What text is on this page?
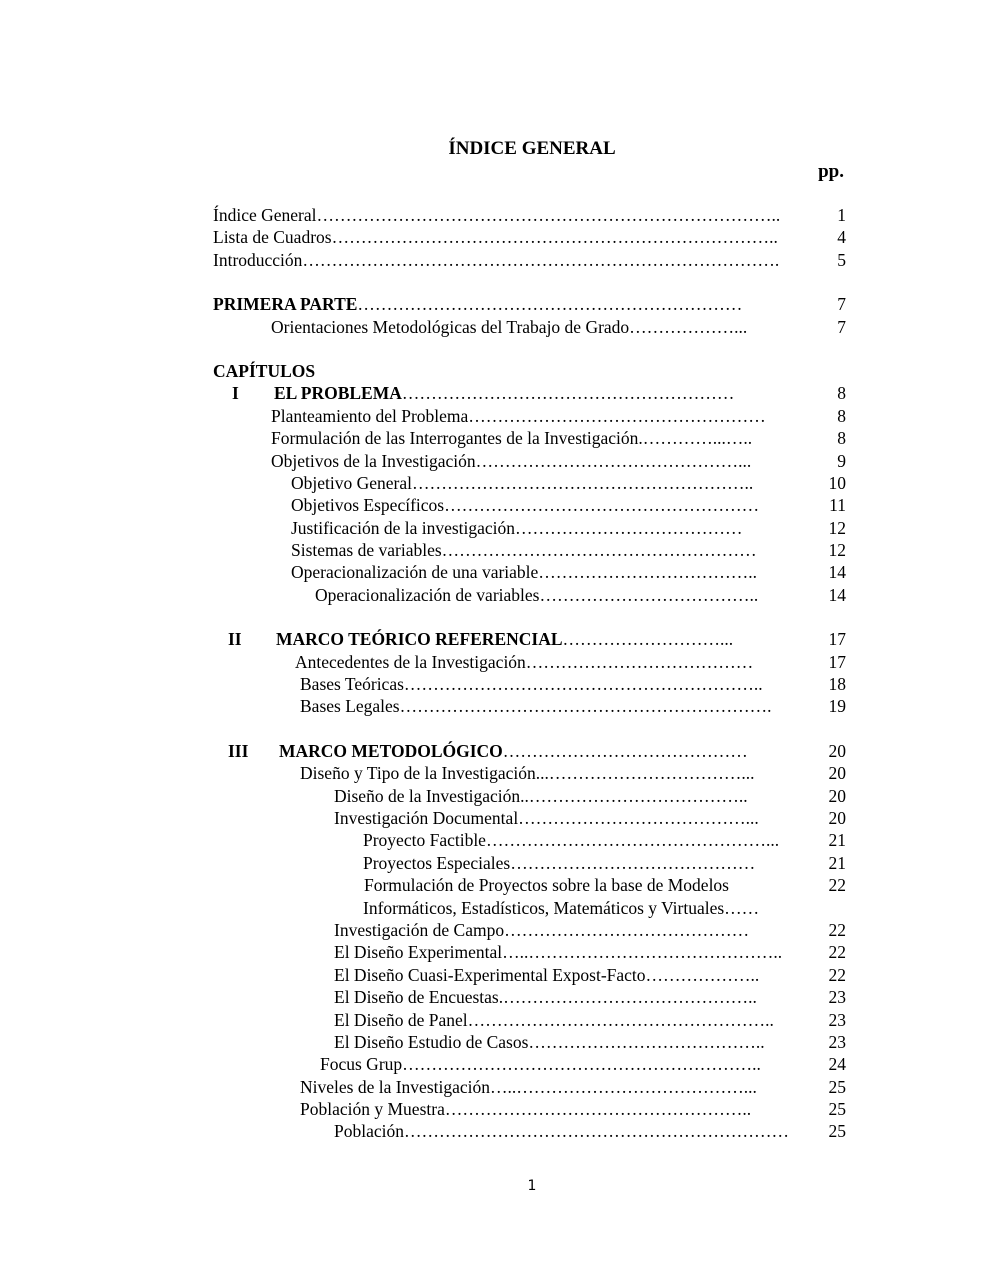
ÍNDICE GENERAL
pp.
Índice General……………………………………………………………………..	1
Lista de Cuadros…………………………………………………………………..	4
Introducción……………………………………………………………………….	5
PRIMERA PARTE…………………………………………………………	7
Orientaciones Metodológicas del Trabajo de Grado………………...	7
CAPÍTULOS
I EL PROBLEMA…………………………………………………	8
Planteamiento del Problema……………………………………………	8
Formulación de las Interrogantes de la Investigación.…………...…..	8
Objetivos de la Investigación………………………………………...	9
Objetivo General…………………………………………………..	10
Objetivos Específicos………………………………………………	11
Justificación de la investigación…………………………………	12
Sistemas de variables………………………………………………	12
Operacionalización de una variable………………………………..	14
Operacionalización de variables………………………………..	14
II MARCO TEÓRICO REFERENCIAL………………………...	17
Antecedentes de la Investigación…………………………………	17
Bases Teóricas……………………………………………………..	18
Bases Legales……………………………………………………….	19
III MARCO METODOLÓGICO……………………………………	20
Diseño y Tipo de la Investigación...……………………………...	20
Diseño de la Investigación..………………………………..	20
Investigación Documental…………………………………...	20
Proyecto Factible…………………………………………...	21
Proyectos Especiales……………………………………	21
Formulación de Proyectos sobre la base de Modelos	22
Informáticos, Estadísticos, Matemáticos y Virtuales……
Investigación de Campo……………………………………	22
El Diseño Experimental…..……………………………………..	22
El Diseño Cuasi-Experimental Expost-Facto………………..	22
El Diseño de Encuestas.……………………………………..	23
El Diseño de Panel……………………………………………..	23
El Diseño Estudio de Casos…………………………………..	23
Focus Grup……………………………………………………..	24
Niveles de la Investigación…..…………………………………...	25
Población y Muestra……………………………………………..	25
Población…………………………………………………………	25
1
